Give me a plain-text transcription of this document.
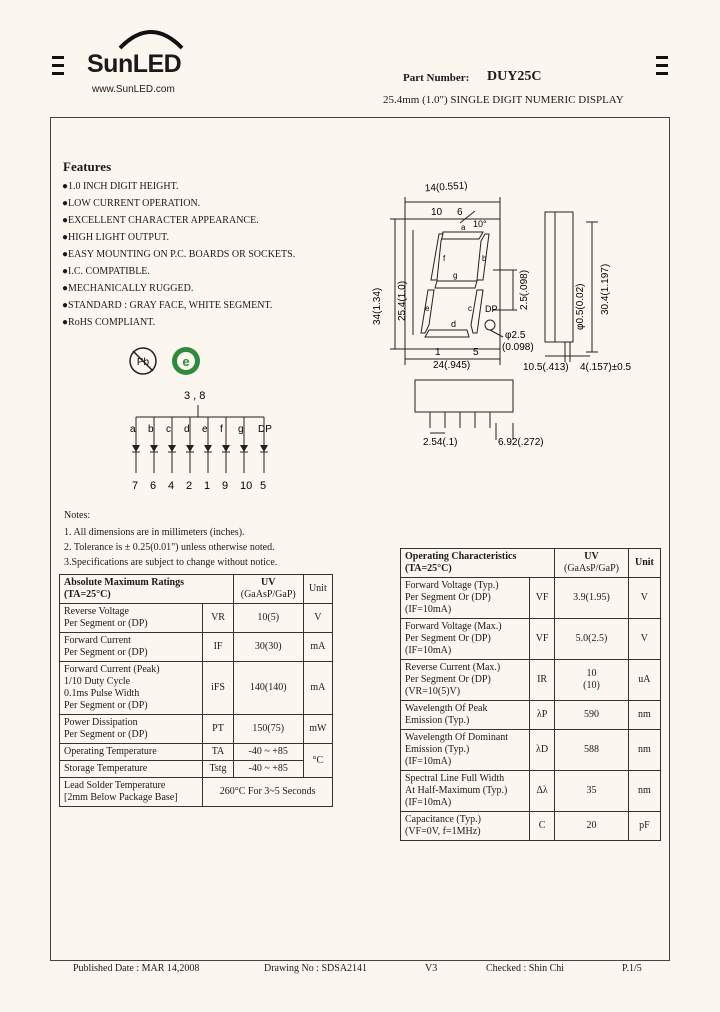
SunLED
www.SunLED.com
Part Number: DUY25C
25.4mm (1.0") SINGLE DIGIT NUMERIC DISPLAY
Features
●1.0 INCH DIGIT HEIGHT.
●LOW CURRENT OPERATION.
●EXCELLENT CHARACTER APPEARANCE.
●HIGH LIGHT OUTPUT.
●EASY MOUNTING ON P.C. BOARDS OR SOCKETS.
●I.C. COMPATIBLE.
●MECHANICALLY RUGGED.
●STANDARD : GRAY FACE, WHITE SEGMENT.
●RoHS COMPLIANT.
Pb	e
14(0.551)
10 6
10°
a
b
c
d
e
f
g
34(1.34) 25.4(1.0)	2.5(.098)
DP
φ2.5
(0.098)
1	5
24(.945)
φ0.5(0.02) 30.4(1.197)
10.5(.413) 4(.157)±0.5
2.54(.1)	6.92(.272)
3 , 8
a
7
b
6
c
4
d
2
e
1
f
9
g
10
DP
5
Notes:
1. All dimensions are in millimeters (inches).
2. Tolerance is ± 0.25(0.01") unless otherwise noted.
3.Specifications are subject to change without notice.
Absolute Maximum Ratings
(TA=25°C)		UV
(GaAsP/GaP)	Unit
Reverse Voltage
Per Segment or (DP)	VR	10(5)	V
Forward Current
Per Segment or (DP)	IF	30(30)	mA
Forward Current (Peak)
1/10 Duty Cycle
0.1ms Pulse Width
Per Segment or (DP)	iFS	140(140)	mA
Power Dissipation
Per Segment or (DP)	PT	150(75)	mW
Operating Temperature	TA	-40 ~ +85	°C
Storage Temperature	Tstg	-40 ~ +85	
Lead Solder Temperature
[2mm Below Package Base]	260°C For 3~5 Seconds		
Operating Characteristics
(TA=25°C)		UV
(GaAsP/GaP)	Unit
Forward Voltage (Typ.)
Per Segment Or (DP)
(IF=10mA)	VF	3.9(1.95)	V
Forward Voltage (Max.)
Per Segment Or (DP)
(IF=10mA)	VF	5.0(2.5)	V
Reverse Current (Max.)
Per Segment Or (DP)
(VR=10(5)V)	IR	10
(10)	uA
Wavelength Of Peak
Emission (Typ.)	λP	590	nm
Wavelength Of Dominant
Emission (Typ.)
(IF=10mA)	λD	588	nm
Spectral Line Full Width
At Half-Maximum (Typ.)
(IF=10mA)	Δλ	35	nm
Capacitance (Typ.)
(VF=0V, f=1MHz)	C	20	pF
Published Date : MAR 14,2008	Drawing No : SDSA2141	V3	Checked : Shin Chi	P.1/5
